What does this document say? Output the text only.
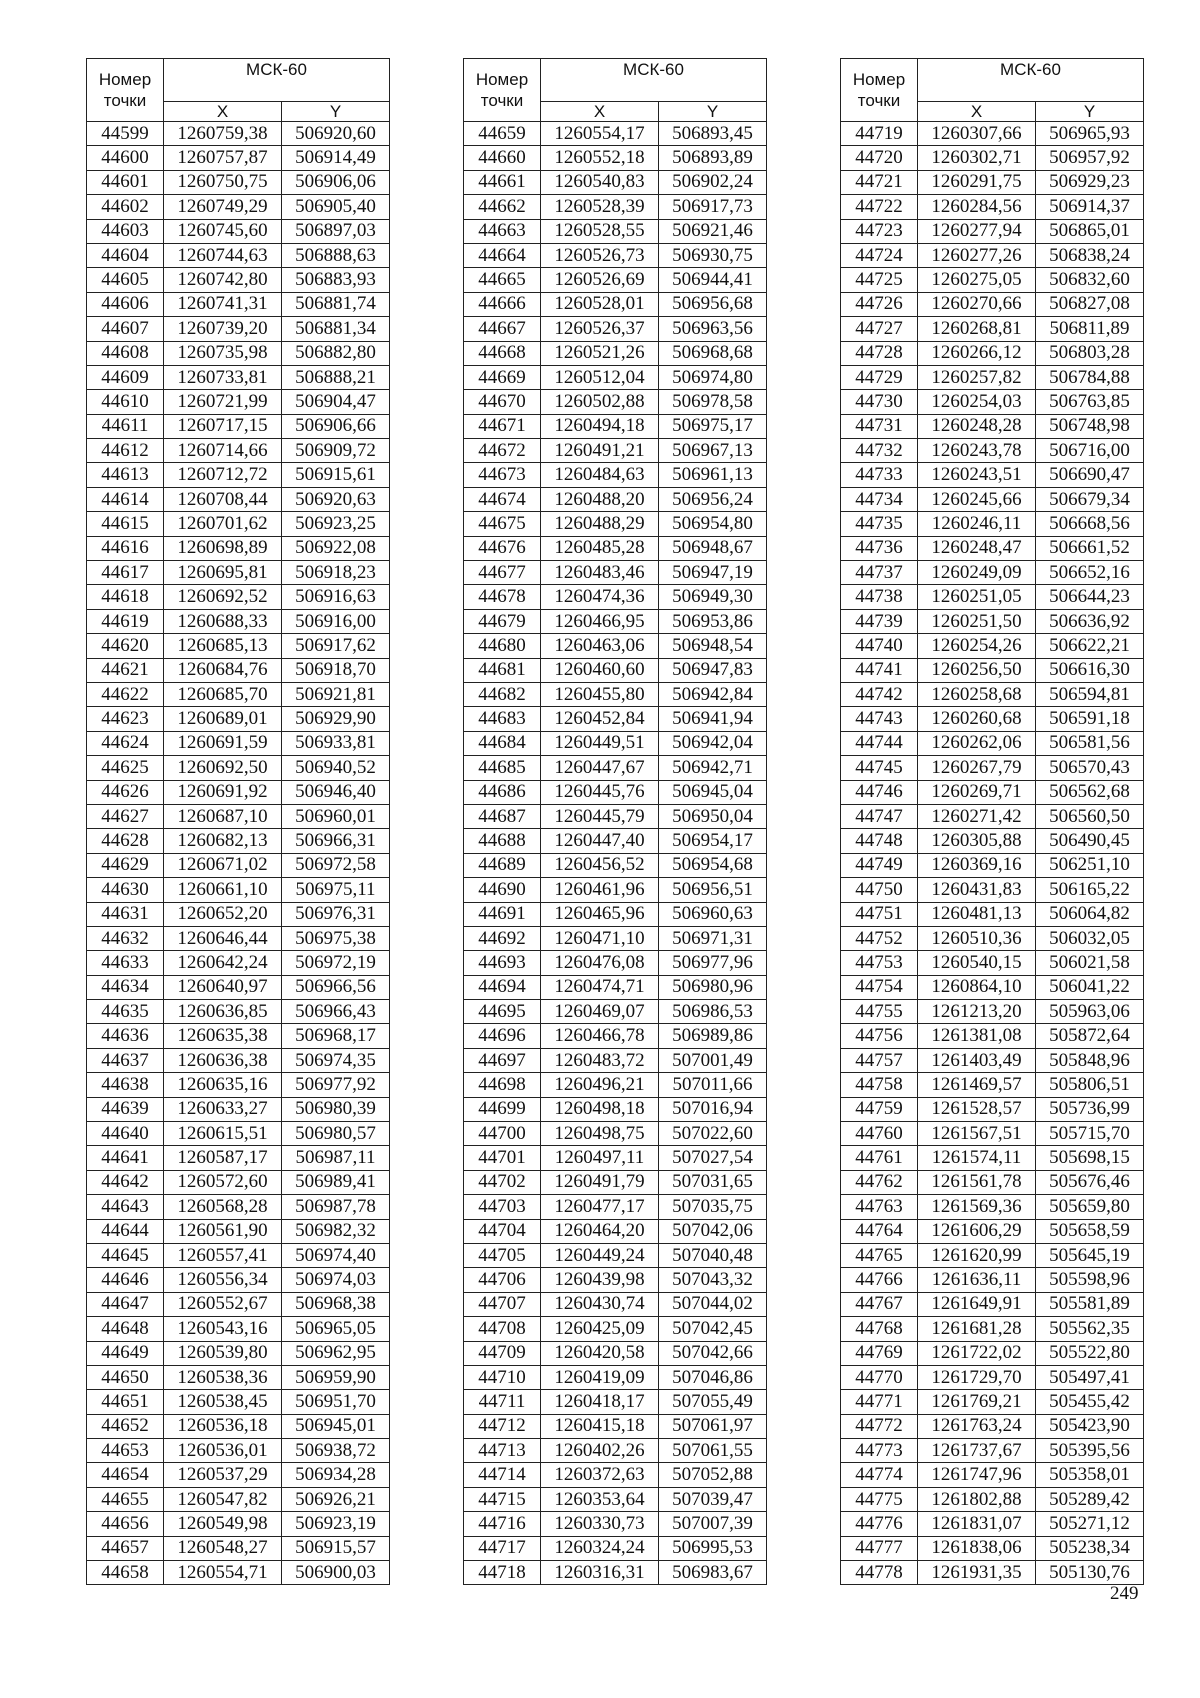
Номер точки	МСК-60	
	X	Y
44599	1260759,38	506920,60
44600	1260757,87	506914,49
44601	1260750,75	506906,06
44602	1260749,29	506905,40
44603	1260745,60	506897,03
44604	1260744,63	506888,63
44605	1260742,80	506883,93
44606	1260741,31	506881,74
44607	1260739,20	506881,34
44608	1260735,98	506882,80
44609	1260733,81	506888,21
44610	1260721,99	506904,47
44611	1260717,15	506906,66
44612	1260714,66	506909,72
44613	1260712,72	506915,61
44614	1260708,44	506920,63
44615	1260701,62	506923,25
44616	1260698,89	506922,08
44617	1260695,81	506918,23
44618	1260692,52	506916,63
44619	1260688,33	506916,00
44620	1260685,13	506917,62
44621	1260684,76	506918,70
44622	1260685,70	506921,81
44623	1260689,01	506929,90
44624	1260691,59	506933,81
44625	1260692,50	506940,52
44626	1260691,92	506946,40
44627	1260687,10	506960,01
44628	1260682,13	506966,31
44629	1260671,02	506972,58
44630	1260661,10	506975,11
44631	1260652,20	506976,31
44632	1260646,44	506975,38
44633	1260642,24	506972,19
44634	1260640,97	506966,56
44635	1260636,85	506966,43
44636	1260635,38	506968,17
44637	1260636,38	506974,35
44638	1260635,16	506977,92
44639	1260633,27	506980,39
44640	1260615,51	506980,57
44641	1260587,17	506987,11
44642	1260572,60	506989,41
44643	1260568,28	506987,78
44644	1260561,90	506982,32
44645	1260557,41	506974,40
44646	1260556,34	506974,03
44647	1260552,67	506968,38
44648	1260543,16	506965,05
44649	1260539,80	506962,95
44650	1260538,36	506959,90
44651	1260538,45	506951,70
44652	1260536,18	506945,01
44653	1260536,01	506938,72
44654	1260537,29	506934,28
44655	1260547,82	506926,21
44656	1260549,98	506923,19
44657	1260548,27	506915,57
44658	1260554,71	506900,03
Номер точки	МСК-60	
	X	Y
44659	1260554,17	506893,45
44660	1260552,18	506893,89
44661	1260540,83	506902,24
44662	1260528,39	506917,73
44663	1260528,55	506921,46
44664	1260526,73	506930,75
44665	1260526,69	506944,41
44666	1260528,01	506956,68
44667	1260526,37	506963,56
44668	1260521,26	506968,68
44669	1260512,04	506974,80
44670	1260502,88	506978,58
44671	1260494,18	506975,17
44672	1260491,21	506967,13
44673	1260484,63	506961,13
44674	1260488,20	506956,24
44675	1260488,29	506954,80
44676	1260485,28	506948,67
44677	1260483,46	506947,19
44678	1260474,36	506949,30
44679	1260466,95	506953,86
44680	1260463,06	506948,54
44681	1260460,60	506947,83
44682	1260455,80	506942,84
44683	1260452,84	506941,94
44684	1260449,51	506942,04
44685	1260447,67	506942,71
44686	1260445,76	506945,04
44687	1260445,79	506950,04
44688	1260447,40	506954,17
44689	1260456,52	506954,68
44690	1260461,96	506956,51
44691	1260465,96	506960,63
44692	1260471,10	506971,31
44693	1260476,08	506977,96
44694	1260474,71	506980,96
44695	1260469,07	506986,53
44696	1260466,78	506989,86
44697	1260483,72	507001,49
44698	1260496,21	507011,66
44699	1260498,18	507016,94
44700	1260498,75	507022,60
44701	1260497,11	507027,54
44702	1260491,79	507031,65
44703	1260477,17	507035,75
44704	1260464,20	507042,06
44705	1260449,24	507040,48
44706	1260439,98	507043,32
44707	1260430,74	507044,02
44708	1260425,09	507042,45
44709	1260420,58	507042,66
44710	1260419,09	507046,86
44711	1260418,17	507055,49
44712	1260415,18	507061,97
44713	1260402,26	507061,55
44714	1260372,63	507052,88
44715	1260353,64	507039,47
44716	1260330,73	507007,39
44717	1260324,24	506995,53
44718	1260316,31	506983,67
Номер точки	МСК-60	
	X	Y
44719	1260307,66	506965,93
44720	1260302,71	506957,92
44721	1260291,75	506929,23
44722	1260284,56	506914,37
44723	1260277,94	506865,01
44724	1260277,26	506838,24
44725	1260275,05	506832,60
44726	1260270,66	506827,08
44727	1260268,81	506811,89
44728	1260266,12	506803,28
44729	1260257,82	506784,88
44730	1260254,03	506763,85
44731	1260248,28	506748,98
44732	1260243,78	506716,00
44733	1260243,51	506690,47
44734	1260245,66	506679,34
44735	1260246,11	506668,56
44736	1260248,47	506661,52
44737	1260249,09	506652,16
44738	1260251,05	506644,23
44739	1260251,50	506636,92
44740	1260254,26	506622,21
44741	1260256,50	506616,30
44742	1260258,68	506594,81
44743	1260260,68	506591,18
44744	1260262,06	506581,56
44745	1260267,79	506570,43
44746	1260269,71	506562,68
44747	1260271,42	506560,50
44748	1260305,88	506490,45
44749	1260369,16	506251,10
44750	1260431,83	506165,22
44751	1260481,13	506064,82
44752	1260510,36	506032,05
44753	1260540,15	506021,58
44754	1260864,10	506041,22
44755	1261213,20	505963,06
44756	1261381,08	505872,64
44757	1261403,49	505848,96
44758	1261469,57	505806,51
44759	1261528,57	505736,99
44760	1261567,51	505715,70
44761	1261574,11	505698,15
44762	1261561,78	505676,46
44763	1261569,36	505659,80
44764	1261606,29	505658,59
44765	1261620,99	505645,19
44766	1261636,11	505598,96
44767	1261649,91	505581,89
44768	1261681,28	505562,35
44769	1261722,02	505522,80
44770	1261729,70	505497,41
44771	1261769,21	505455,42
44772	1261763,24	505423,90
44773	1261737,67	505395,56
44774	1261747,96	505358,01
44775	1261802,88	505289,42
44776	1261831,07	505271,12
44777	1261838,06	505238,34
44778	1261931,35	505130,76
249
